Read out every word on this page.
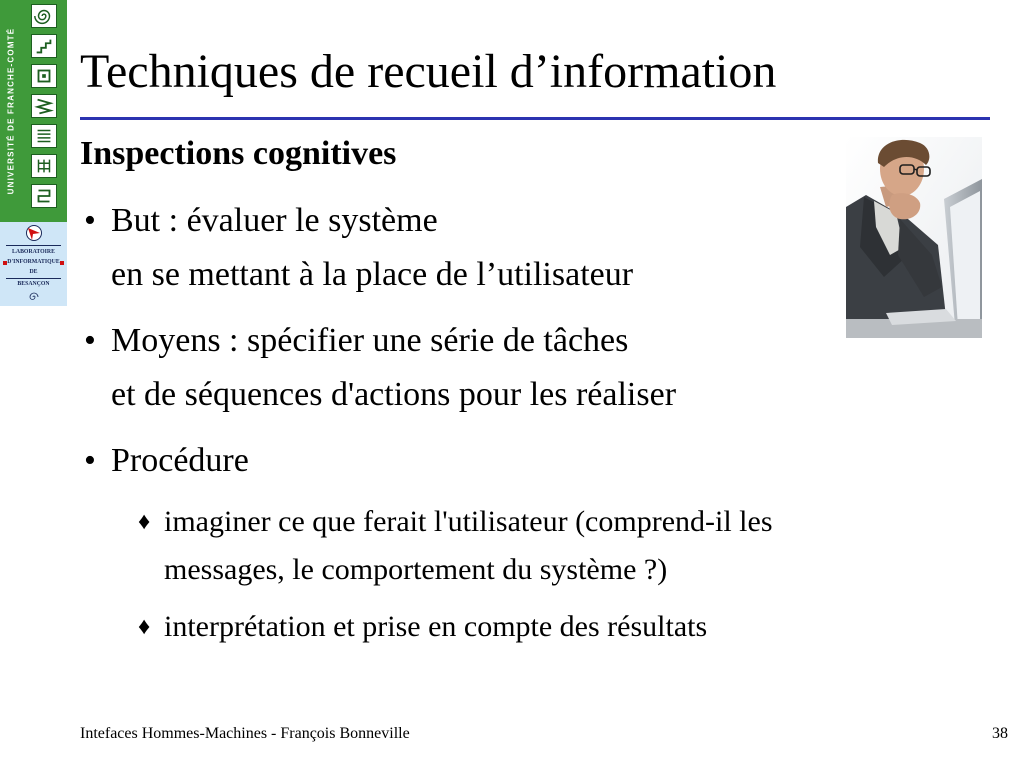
UNIVERSITÉ DE FRANCHE-COMTÉ
LABORATOIRE
D'INFORMATIQUE
DE
BESANÇON
Techniques de recueil d’information
Inspections cognitives
• But : évaluer le système
en se mettant à la place de l’utilisateur
• Moyens : spécifier une série de tâches
et de séquences d'actions pour les réaliser
• Procédure
♦ imaginer ce que ferait l'utilisateur (comprend-il les
messages, le comportement du système ?)
♦ interprétation et prise en compte des résultats
Intefaces Hommes-Machines - François Bonneville	38
